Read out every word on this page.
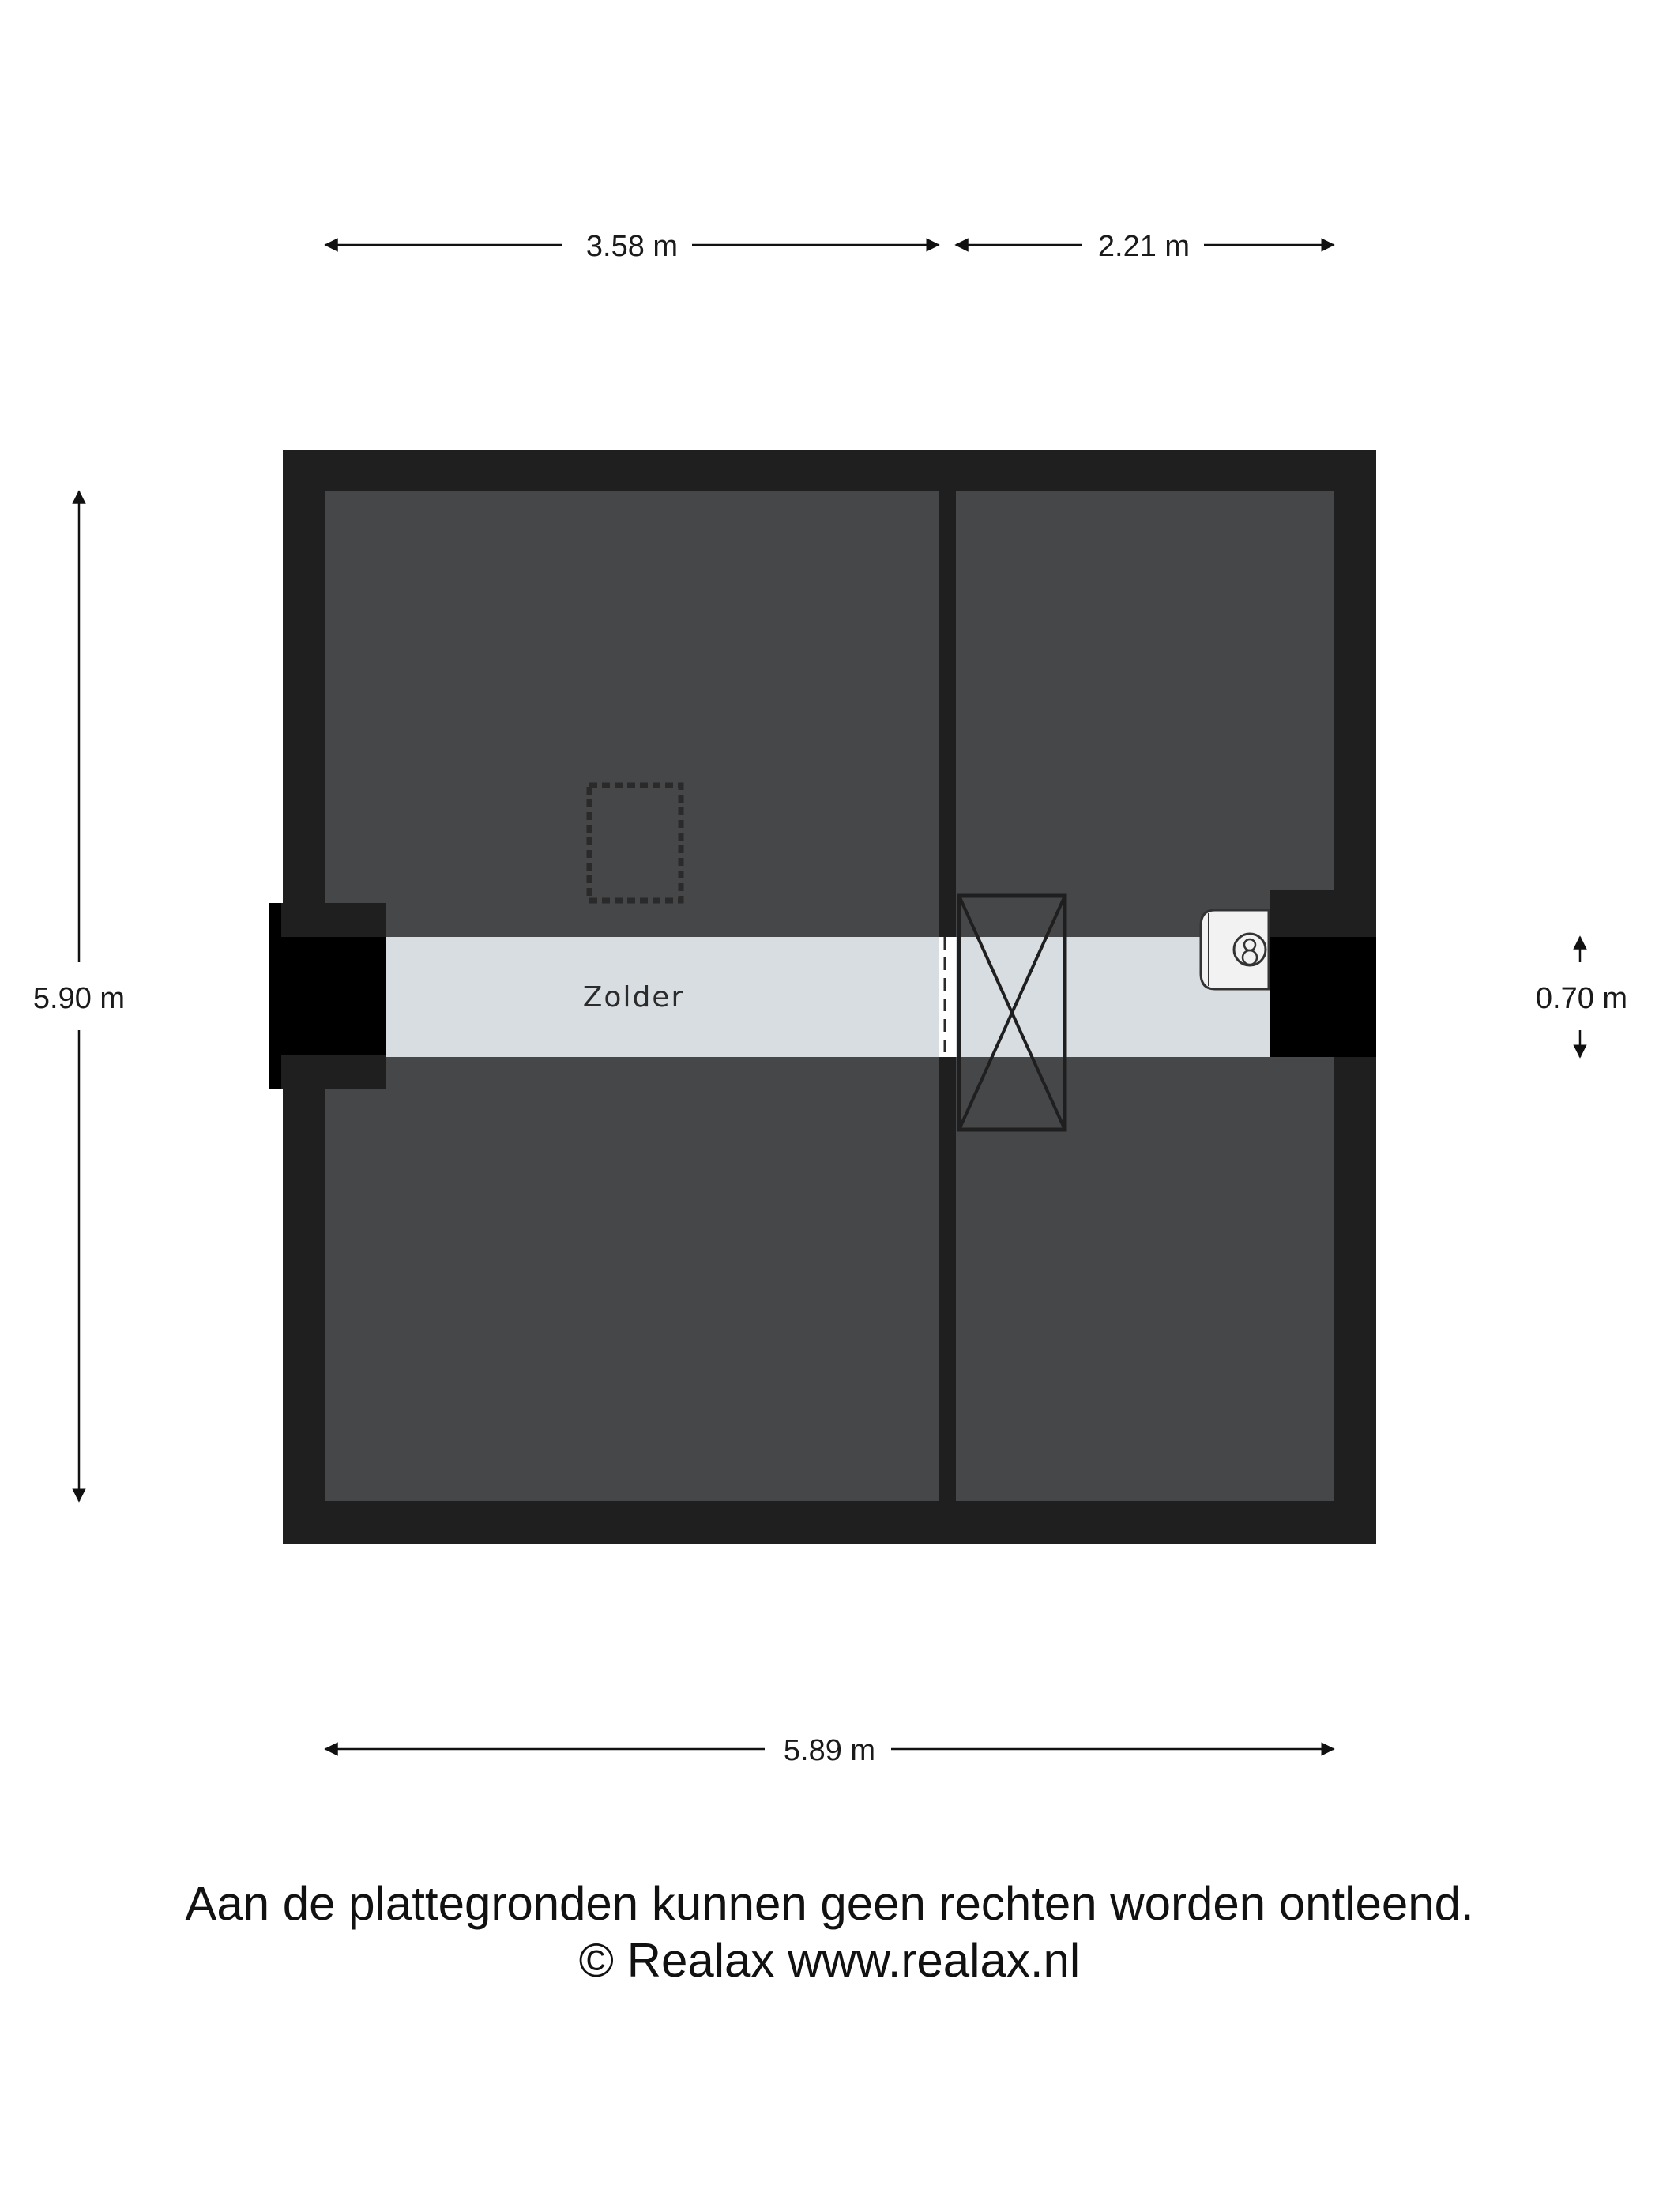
Zolder
3.58 m	2.21 m
5.90 m	0.70 m
5.89 m
Aan de plattegronden kunnen geen rechten worden ontleend.
© Realax www.realax.nl
